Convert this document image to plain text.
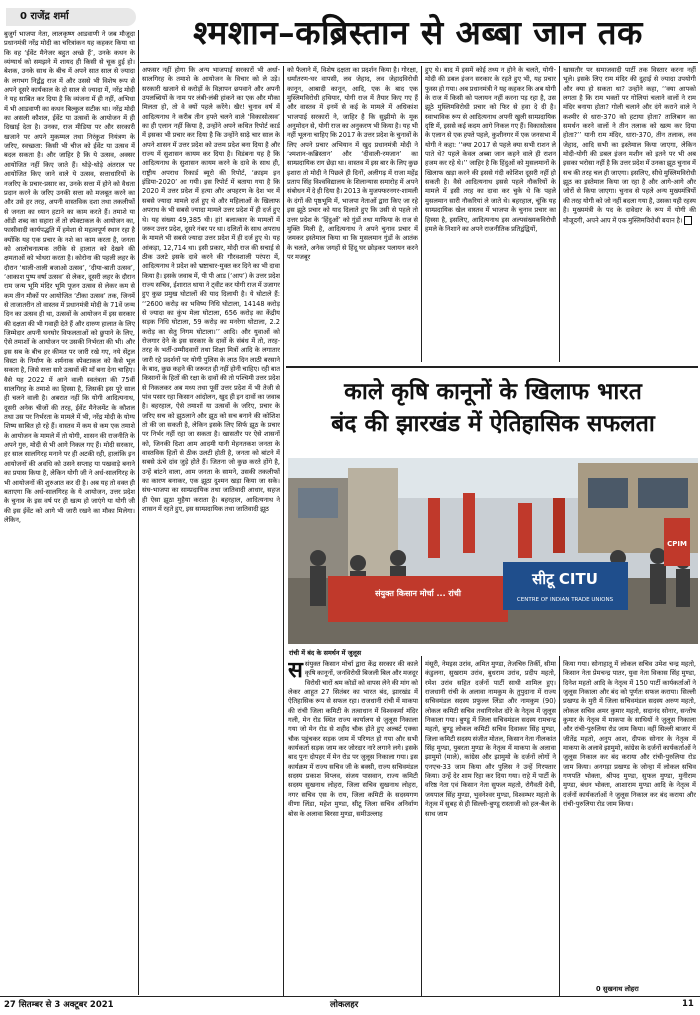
0 राजेंद्र शर्मा	श्मशान–कब्रिस्तान से अब्बा जान तक
बुजुर्ग भाजपा नेता, लालकृष्ण आडवाणी ने जब मौजूदा प्रधानमंत्री नरेंद्र मोदी का चरित्रांकन यह कहकर किया था कि वह ‘ईवेंट मैनेजर बहुत अच्छे हैं’, उनके कथन के व्यंग्यार्थ को समझने में शायद ही किसी से चूक हुई हो। बेशक, उनके साथ के बीच में अपने सात साल से ज्यादा के लगभग निर्द्वंद्व राज में और उससे भी विशेष रूप से अपने दूसरे कार्यकाल के दो साल से ज्यादा में, नरेंद्र मोदी ने यह साबित कर दिया है कि व्यंजना में ही नहीं, अभिधा में भी आडवाणी का कथन बिल्कुल सटीक था। नरेंद्र मोदी का असली कौशल, ईवेंट या उत्सवों के आयोजन में ही दिखाई देता है। उनका, राज मीडिया पर और सरकारी खजाने पर अपने मुकम्मल तथा निरंकुश नियंत्रण के जरिए, स्वच्छता: किसी भी चीज को ईवेंट या उत्सव में बदल सकता है। और जाहिर है कि ये उत्सव, अक्सर आयोजित नहीं किए जाते हैं। थोड़े-थोड़े अंतराल पर आयोजित किए जाने वाले ये उत्सव, सत्ताधारियों के नजरिए के प्रचार-प्रसार का, उनके सत्ता में होने को वैधता प्रदान करने के जरिए उनकी सत्ता को मजबूत करने का और उसे हर तरह, अपनी वास्तविक दशा तथा तकलीफों से जनता का ध्यान हटाने का काम करते हैं। तमाशे या ऑडी शब्द का सहारा लें तो स्पेक्टाकल के आयोजन का, फासीवादी कार्यपद्धति में हमेशा से महत्वपूर्ण स्थान रहा है क्योंकि यह एक प्रचार के नशे का काम करता है, जनता को आलोचनात्मक तरीके से हालात को देखने की क्षमताओं को भोथरा करता है। कोरोना की पहली लहर के दौरान ‘थाली-ताली बजाओ उत्सव’, ‘दीया-बाती उत्सव’, ‘आकाश पुष्प वर्षा उत्सव’ से लेकर, दूसरी लहर के दौरान राम जन्म भूमि मंदिर भूमि पूजन उत्सव से लेकर कम से कम तीन मौकों पर आयोजित ‘टीका उत्सव’ तक, जिनमें से ताजातरीन तो वास्तव में प्रधानमंत्री मोदी के 71वें जन्म दिन का उत्सव ही था, उत्सवों के आयोजन में इस सरकार की दक्षता की भी गवाही देते हैं और दारुण हालात के लिए जिम्मेदार अपनी घनघोर विफलताओं को छुपाने के लिए, ऐसे तमाशों के आयोजन पर उसकी निर्भरता की भी। और इस सब के बीच हर कीमत पर जारी रखे गए, नये सेंट्रल विस्टा के निर्माण के शर्मनाक स्पेक्टाकल को कैसे भूल सकता है, जिसे सत्ता सारे उत्सवों की माँ बना देना चाहिए। वैसे यह 2022 में आने वाली स्वतंत्रता की 75वीं सालगिरह के तमाशे का हिस्सा है, जिसकी इस पूरे साल ही चलने वाली है। अबरात नहीं कि योगी आदित्यनाथ, दूसरी अनेक चीजों की तरह, ईवेंट मैनेजमेंट के कौशल तथा उस पर निर्भरता के मामले में भी, नरेंद्र मोदी के योग्य शिष्य साबित हो रहे हैं। वास्तव में कम से कम एक तमाशे के आयोजन के मामले में तो योगी, शासन की राजनीति के अपने गुरु, मोदी से भी आगे निकल गए हैं। मोदी सरकार, हर साल सालगिरह मनाने पर ही अटकी रही, हालांकि इन आयोजनों की अवधि को उसने सप्ताह या पखवाड़े बनाने का प्रयास किया है, लेकिन योगी जी ने अर्ध-सालगिरह के भी आयोजनों की शुरुआत कर दी है। अब यह तो वक्त ही बताएगा कि अर्ध-सालगिरह के ये आयोजन, उत्तर प्रदेश के चुनाव के इस वर्ष पर ही खत्म हो जाएंगे या योगी जी की इस ईवेंट को आगे भी जारी रखने का मौका मिलेगा। लेकिन,
अफसर नहीं होगा कि अन्य भाजपाई सरकारों भी अर्धा-सालगिरह के तमाशे के आयोजन के विचार को ले उड़े। सरकारी खजाने से करोड़ों के विज्ञापन छपवाने और अपनी उपलब्धियों के नाम पर लंबी-लंबी हांकने का एक और मौका मिलता हो, तो वे क्यों पहले करेंगे। खैर! चुनाव वर्ष में आदित्यनाथ ने करीब तीन हफ्ते चलने वाले ‘विकासोत्सव’ का ही एलान नहीं किया है, उन्होंने अपने कथित रिपोर्ट कार्ड में इसका भी प्रचार कर दिया है कि उन्होंने साढ़े चार साल के अपने शासन में उत्तर प्रदेश को उत्तम प्रदेश बना दिया है और राज्य में सुशासन कायम कर दिया है। विडंबना यह है कि आदित्यनाथ के सुशासन कायम करने के दावे के साथ ही, राष्ट्रीय अपराध रिकार्ड ब्यूरो की रिपोर्ट, ‘क्राइम इन इंडिया-2020’ आ गयी। इस रिपोर्ट में बताया गया है कि 2020 में उत्तर प्रदेश में हत्या और अपहरण के देश भर में सबसे ज्यादा मामले दर्ज हुए थे और महिलाओं के खिलाफ अपराध के भी सबसे ज्यादा मामले उत्तर प्रदेश में ही दर्ज हुए थे। यह संख्या 49,385 थी। हां! बलात्कार के मामलों में जरूर उत्तर प्रदेश, दूसरे नंबर पर था। दलितों के साथ अपराध के मामले भी सबसे ज्यादा उत्तर प्रदेश में ही दर्ज हुए थे। यह आंकड़ा, 12,714 था। इसी प्रकार, मोदी राज की सचाई से ठीक उलटे इसके दावे करने की गौरवशाली परंपरा में, आदित्यनाथ ने प्रदेश को भ्रष्टाचार-मुक्त कर दिने का भी दावा किया है। इसके जवाब में, पी पी आड (‘आप’) के उत्तर प्रदेश राज्य सचिव, ईशारात थाया ने ट्वीट कर योगी राज में उजागर हुए कुछ प्रमुख घोटालों की याद दिलायी है। ये घोटाले हैं: ‘‘2600 करोड़ का भविष्य निधि घोटाला, 14148 करोड़ से ज्यादा का कुंभ मेला घोटाला, 656 करोड़ का केंद्रीय सड़क निधि घोटाला, 59 करोड़ का मनरेगा घोटाला, 2.2 करोड़ का सेतु निगम घोटाला।’’ आदि। और युवाओं को रोजगार देने के इस सरकार के दावों के संबंध में तो, तरह-तरह के भर्ती-उम्मीदवारों तथा शिक्षा मित्रों आदि के लगातार जारी रहे प्रदर्शनों पर योगी पुलिस के लाठ दिन लाठी बरसाने के बाद, कुछ कहने की जरूरत ही नहीं होनी चाहिए। रही बात किसानों के हितों की रक्षा के दावों की तो पश्चिमी उत्तर प्रदेश से निकलकर अब मध्य तथा पूर्वी उत्तर प्रदेश में भी तेजी से पांव पसार रहा किसान आंदोलन, खुद ही इन दावों का जवाब है। बहरहाल, ऐसे तमाशों या उत्सवों के जरिए, प्रचार के जरिए सच को झुठलाने और झूठ को सच बनाने की कोशिश तो की जा सकती है, लेकिन इसके लिए सिर्फ झूठ के प्रचार पर निर्भर नहीं रहा जा सकता है। खासतौर पर ऐसे शासनों को, जिनकी दिशा आम आदमी यानी मेहनतकश जनता के वास्तविक हितों से ठीक उलटी होती है, जनता को बांटने में सबसे ऊंचे दांव जुड़े होते हैं। जितना जो कुछ करते होंगे है, उन्हें बांटने वाला, आम जनता के सामने, उसकी तकलीफों का कारण बनाकर, एक झूठा दुश्मन खड़ा किया जा सके। संघ-भाजपा का साम्प्रदायिक तथा जातिवादी आधार, सहज ही ऐसा झूठा मुहैया कराता है। बहरहाल, आदित्यनाथ ने शासन में रहते हुए, इस साम्प्रदायिक तथा जातिवादी झूठ
को फैलाने में, विशेष दक्षता का प्रदर्शन किया है। गोरक्षा, धर्मांतरण-घर वापसी, लव जेहाद, लव जेहादविरोधी कानून, आबादी कानून, आदि, एक के बाद एक मुस्लिमविरोधी हथियार, योगी राज में तैयार किए गए हैं और वास्तव में इनमें से कई के मामले में अधिकांश भाजपाई सरकारों ने, जाहिर है कि सुझीमो के मूक अनुमोदन से, योगी राज का अनुकरण भी किया है। यह भी नहीं भूलना चाहिए कि 2017 के उत्तर प्रदेश के चुनावों के लिए अपने प्रचार अभियान में खुद प्रधानमंत्री मोदी ने ‘श्मशान-कब्रिस्तान’ और ‘दीवाली-रमजान’ का साम्प्रदायिक राग छेड़ा था। वास्तव में इस बार के लिए कुछ इशारा तो मोदी ने पिछले ही दिनों, अलीगढ़ में राजा महेंद्र प्रताप सिंह विश्वविद्यालय के शिलान्यास समारोह में अपने संबोधन में दे ही दिया है। 2013 के मुजफ्फरनगर-शामली के दंगों की पृष्ठभूमि में, भाजपा नेताओं द्वारा किए जा रहे इस झूठे प्रचार को याद दिलाते हुए कि उसी से पहले तो उत्तर प्रदेश के ‘हिंदुओं’ को गुंडों तथा माफिया के राज से मुक्ति मिली है, आदित्यनाथ ने अपने चुनाव प्रचार में जमकर इस्तेमाल किया था कि मुसलमान गुंडों के आतंक के चलते, अनेक जगहों से हिंदू घर छोड़कर पलायन करने पर मजबूर
हुए थे। बाद में इसमें कोई तथ्य न होने के चलते, योगी-मोदी की डबल इंजन सरकार के रहते हुए भी, यह प्रचार फुस्स हो गया। अब प्रधानमंत्री ने यह कहकर कि अब योगी के राज में किसी को पलायन नहीं करना पड़ रहा है, उस झूठे मुस्लिमविरोधी प्रचार को फिर से हवा दे दी है। स्वाभाविक रूप से आदित्यनाथ अपनी खुली साम्प्रदायिक दृष्टि में, इससे कई कदम आगे निकल गए हैं। विकासोत्सव के एलान से एक हफ्ते पहले, कुशीनगर में एक जनसभा में योगी ने कहा: ‘‘क्या 2017 से पहले क्या सभी राशन ले पाते थे? पहले केवल अब्बा जान कहने वाले ही राशन हजम कर रहे थे।’’ जाहिर है कि हिंदुओं को मुसलमानों के खिलाफ खड़ा करने की इससे गंदी कोशिश दूसरी नहीं हो सकती है। वैसे आदित्यनाथ इससे पहले नौकरियों के मामले में इसी तरह का दावा कर चुके थे कि पहले मुसलमान सारी नौकरियां ले जाते थे। बहरहाल, चूंकि यह साम्प्रदायिक खेल वास्तव में भाजपा के चुनाव प्रचार का हिस्सा है, इसलिए, आदित्यनाथ इस अल्पसंख्यकविरोधी हमले के निशाने का अपने राजनीतिक प्रतिद्वंद्वियों,
खासतौर पर समाजवादी पार्टी तक विस्तार करना नहीं भूले। इसके लिए राम मंदिर की दुहाई से ज्यादा उपयोगी और क्या हो सकता था? उन्होंने कहा, ‘‘क्या आपको लगता है कि राम भक्तों पर गोलियां चलाने वालों ने राम मंदिर बनाया होता? गोली चलाने और दंगे कराने वाले ने कश्मीर से धारा-370 को हटाया होता? तालिबान का समर्थन करने वालों ने तीन तलाक को खत्म कर दिया होता?’’ यानी राम मंदिर, धारा-370, तीन तलाक, लव जेहाद, आदि सभी का इस्तेमाल किया जाएगा, लेकिन मोदी-योगी की डबल इंजन मशीन को इतने पर भी अब इसका भरोसा नहीं है कि उत्तर प्रदेश में उनका झूठ चुनाव में सच की तरह चल ही जाएगा। इसलिए, सीधे मुस्लिमविरोधी झूठ का इस्तेमाल किया जा रहा है और आगे-आगे और जोरों से किया जाएगा। चुनाव से पहले अन्य मुख्यमंत्रियों की तरह योगी को जो नहीं बदला गया है, उसका यही रहस्य है। मुख्यमंत्री के पद के दावेदार के रूप में योगी की मौजूदगी, अपने आप में एक मुस्लिमविरोधी बयान है।
काले कृषि कानूनों के खिलाफ भारत
बंद की झारखंड में ऐतिहासिक सफलता
संयुक्त किसान मोर्चा ... रांची
सीटू CITU
CENTRE OF INDIAN TRADE UNIONS
CPIM
रांची में बंद के समर्थन में जुलूस
स संयुक्त किसान मोर्चा द्वारा केंद्र सरकार की काले कृषि कानूनों, जनविरोधी बिजली बिल और मजदूर विरोधी चारों श्रम कोडों को वापस लेने की मांग को लेकर आहूत 27 सितंबर का भारत बंद, झारखंड में ऐतिहासिक रूप से सफल रहा। राजधानी रांची में माकपा की रांची जिला कमिटी के तत्वाधान में विश्वकर्मा मंदिर गली, मेन रोड स्थित राज्य कार्यालय से जुलूस निकाला गया जो मेन रोड से शहीद चौक होते हुए अल्बर्ट एक्का चौक पहुंचकर सड़क जाम में परिणत हो गया और सभी कार्यकर्ता सड़क जाम कर जोरदार नारे लगाने लगे। इसके बाद पुनः दोपहर में मेन रोड पर जुलूस निकाला गया। इस कार्यक्रम में राज्य सचिव जी के बक्सी, राज्य सचिवमंडल सदस्य प्रकाश विप्लव, संजय पासवान, राज्य कमिटी सदस्य सुखनाथ लोहरा, जिला सचिव सुखनाथ लोहरा, नगर सचिव एस के राय, जिला कमिटी के सदस्यगण वीणा लिंडा, महेश मुण्डा, सीटू जिला सचिव अनिर्वाण बोस के अलावा बिरसा मुण्डा, समीउल्लाह
मंसूरी, नेमइस उरांव, अमित मुण्डा, तेजचिरु तिर्की, सीमा कंडुलना, सुखराम उरांव, बुधराम उरांव, प्रदीप महतो, रमेश उरांव सहित दर्जनों पार्टी साथी शामिल हुए। राजधानी रांची के अलावा नामकुम के तुपुदाना में राज्य सचिवमंडल सदस्य प्रफुल्ल लिंडा और नामकुम (90) लोकल कमिटी सचिव तथागिरवेश दोरे के नेतृत्व में जुलूस निकाला गया। बुण्डू में जिला सचिवमंडल सदस्य रामचन्द्र महतो, बुण्डू लोकल कमिटी सचिव दिवाकर सिंह मुण्डा, जिला कमिटी सदस्य संजीत मोतल, किसान नेता नीलकांत सिंह मुण्डा, युबरता मुण्डा के नेतृत्व में माकपा के अलावा झामुमो (माले), कांग्रेस और झामुमो के दर्जनों लोगों ने एनएच-33 जाम किया और पुलिस ने उन्हें गिरफ्तार किया। उन्हें देर शाम रिहा कर दिया गया। राहे में पार्टी के वरिष्ठ नेता एवं किसान नेता सुफल महतो, रोगैवती देवी, जयपाल सिंह मुण्डा, भुवनेश्वर मुण्डा, विश्वम्भर महतो के नेतृत्व में सुबह से ही सिल्ली-बुण्डू रास्ताजी को हल-बैल के साथ जाम
किया गया। सोनाहातू में लोकल सचिव उमेश चन्द्र महतो, किसान नेता प्रेमचन्द्र पातर, युवा नेता विकास सिंह मुण्डा, दिनेश महतो आदि के नेतृत्व में 150 पार्टी कार्यकर्ताओं ने जुलूस निकाला और बंद को पूर्णतः सफल कराया। सिल्ली प्रखण्ड के मुरी में जिला सचिवमंडल सदस्य अरुण महतो, लोकल सचिव अमर कुमार महतो, सदानंद सोनार, सन्तोष कुमार के नेतृत्व में माकपा के साथियों ने जुलूस निकाला और रांची-पुरुलिया रोड जाम किया। वहीं सिल्ली बाजार में जीतेंद्र महतो, अनुप आश, दीपक सोनार के नेतृत्व में माकपा के अलावे झामुमो, कांग्रेस के दर्जनों कार्यकर्ताओं ने जुलूस निकाल कर बंद कराया और रांची-पुरुलिया रोड जाम किया। अनगड़ा प्रखण्ड के जोन्हा में लोकल सचिव गणपति भोक्ता, श्रीपद मुण्डा, सुफल मुण्डा, मुनीराम मुण्डा, बंधन भोक्ता, आशाराम मुण्डा आदि के नेतृत्व में दर्जनों कार्यकर्ताओं ने जुलूस निकाल कर बंद कराया और रांची-पुरुलिया रोड जाम किया।
0 सुखनाथ लोहरा
27 सितम्बर से 3 अक्टूबर 2021	लोकलहर	11
